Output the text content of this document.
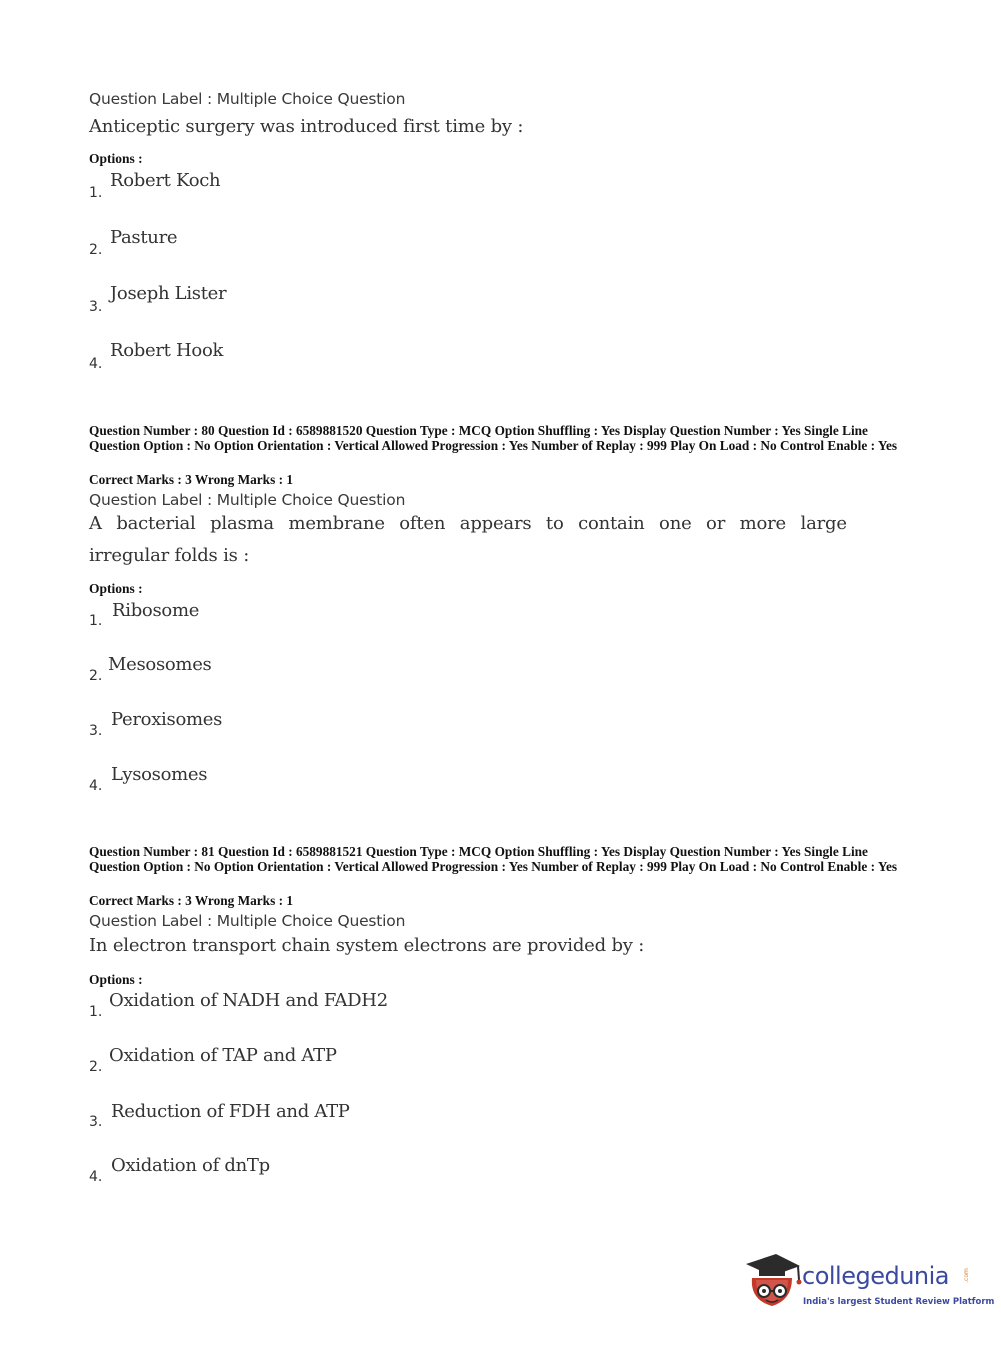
Question Label : Multiple Choice Question
Anticeptic surgery was introduced first time by :
Options :
1.
Robert Koch
2.
Pasture
3.
Joseph Lister
4.
Robert Hook
Question Number : 80 Question Id : 6589881520 Question Type : MCQ Option Shuffling : Yes Display Question Number : Yes Single Line Question Option : No Option Orientation : Vertical Allowed Progression : Yes Number of Replay : 999 Play On Load : No Control Enable : Yes
Correct Marks : 3 Wrong Marks : 1
Question Label : Multiple Choice Question
A bacterial plasma membrane often appears to contain one or more large
irregular folds is :
Options :
1. Ribosome
2.
Mesosomes
3.
Peroxisomes
4.
Lysosomes
Question Number : 81 Question Id : 6589881521 Question Type : MCQ Option Shuffling : Yes Display Question Number : Yes Single Line Question Option : No Option Orientation : Vertical Allowed Progression : Yes Number of Replay : 999 Play On Load : No Control Enable : Yes
Correct Marks : 3 Wrong Marks : 1
Question Label : Multiple Choice Question
In electron transport chain system electrons are provided by :
Options :
1.
Oxidation of NADH and FADH2
2.
Oxidation of TAP and ATP
3. Reduction of FDH and ATP
4.
Oxidation of dnTp
collegedunia .com
India's largest Student Review Platform
